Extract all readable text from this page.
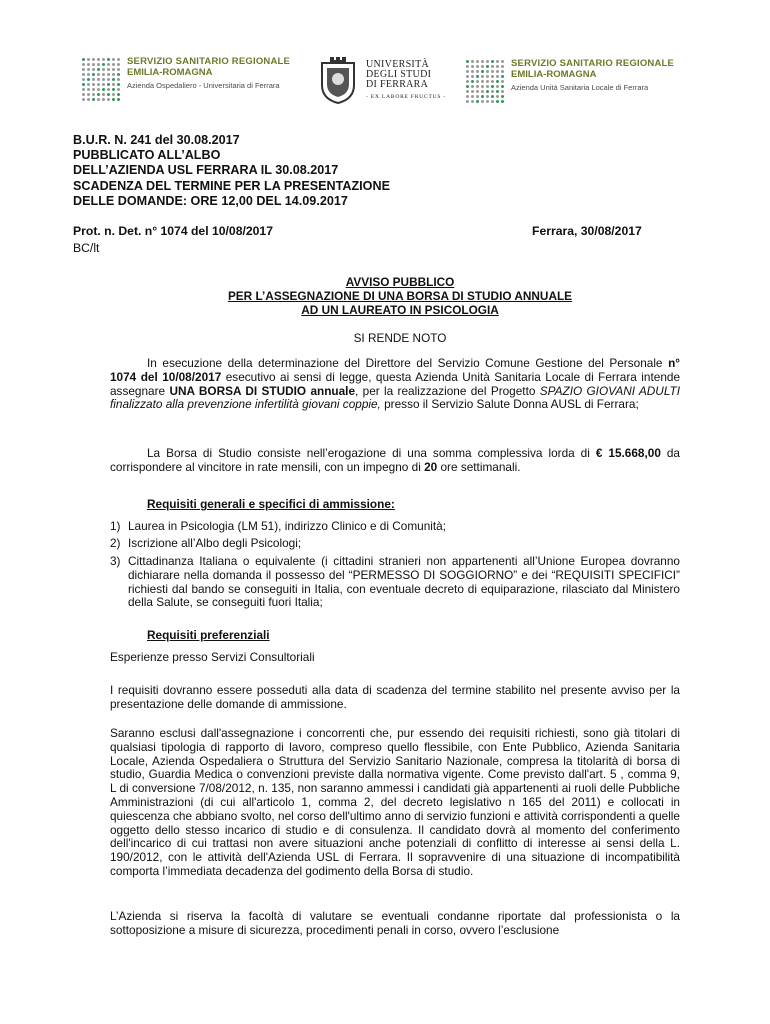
SERVIZIO SANITARIO REGIONALE
EMILIA-ROMAGNA
Azienda Ospedaliero - Universitaria di Ferrara
UNIVERSITÀ
DEGLI STUDI
DI FERRARA
- EX LABORE FRUCTUS -
SERVIZIO SANITARIO REGIONALE
EMILIA-ROMAGNA
Azienda Unità Sanitaria Locale di Ferrara
B.U.R. N. 241 del 30.08.2017
PUBBLICATO ALL’ALBO
DELL’AZIENDA USL FERRARA IL 30.08.2017
SCADENZA DEL TERMINE PER LA PRESENTAZIONE
DELLE DOMANDE: ORE 12,00 DEL 14.09.2017
Prot. n. Det. n° 1074 del 10/08/2017	Ferrara, 30/08/2017
BC/lt
AVVISO PUBBLICO
PER L’ASSEGNAZIONE DI UNA BORSA DI STUDIO ANNUALE
AD UN LAUREATO IN PSICOLOGIA
SI RENDE NOTO
In esecuzione della determinazione del Direttore del Servizio Comune Gestione del Personale n° 1074 del 10/08/2017 esecutivo ai sensi di legge, questa Azienda Unità Sanitaria Locale di Ferrara intende assegnare UNA BORSA DI STUDIO annuale, per la realizzazione del Progetto SPAZIO GIOVANI ADULTI finalizzato alla prevenzione infertilità giovani coppie, presso il Servizio Salute Donna AUSL di Ferrara;
La Borsa di Studio consiste nell’erogazione di una somma complessiva lorda di € 15.668,00 da corrispondere al vincitore in rate mensili, con un impegno di 20 ore settimanali.
Requisiti generali e specifici di ammissione:
1) Laurea in Psicologia (LM 51), indirizzo Clinico e di Comunità;
2) Iscrizione all’Albo degli Psicologi;
3) Cittadinanza Italiana o equivalente (i cittadini stranieri non appartenenti all’Unione Europea dovranno dichiarare nella domanda il possesso del “PERMESSO DI SOGGIORNO” e dei “REQUISITI SPECIFICI” richiesti dal bando se conseguiti in Italia, con eventuale decreto di equiparazione, rilasciato dal Ministero della Salute, se conseguiti fuori Italia;
Requisiti preferenziali
Esperienze presso Servizi Consultoriali
I requisiti dovranno essere posseduti alla data di scadenza del termine stabilito nel presente avviso per la presentazione delle domande di ammissione.
Saranno esclusi dall'assegnazione i concorrenti che, pur essendo dei requisiti richiesti, sono già titolari di qualsiasi tipologia di rapporto di lavoro, compreso quello flessibile, con Ente Pubblico, Azienda Sanitaria Locale, Azienda Ospedaliera o Struttura del Servizio Sanitario Nazionale, compresa la titolarità di borsa di studio, Guardia Medica o convenzioni previste dalla normativa vigente. Come previsto dall'art. 5 , comma 9, L di conversione 7/08/2012, n. 135, non saranno ammessi i candidati già appartenenti ai ruoli delle Pubbliche Amministrazioni (di cui all'articolo 1, comma 2, del decreto legislativo n 165 del 2011) e collocati in quiescenza che abbiano svolto, nel corso dell'ultimo anno di servizio funzioni e attività corrispondenti a quelle oggetto dello stesso incarico di studio e di consulenza. Il candidato dovrà al momento del conferimento dell'incarico di cui trattasi non avere situazioni anche potenziali di conflitto di interesse ai sensi della L. 190/2012, con le attività dell'Azienda USL di Ferrara. Il sopravvenire di una situazione di incompatibilità comporta l’immediata decadenza del godimento della Borsa di studio.
L’Azienda si riserva la facoltà di valutare se eventuali condanne riportate dal professionista o la sottoposizione a misure di sicurezza, procedimenti penali in corso, ovvero l’esclusione
